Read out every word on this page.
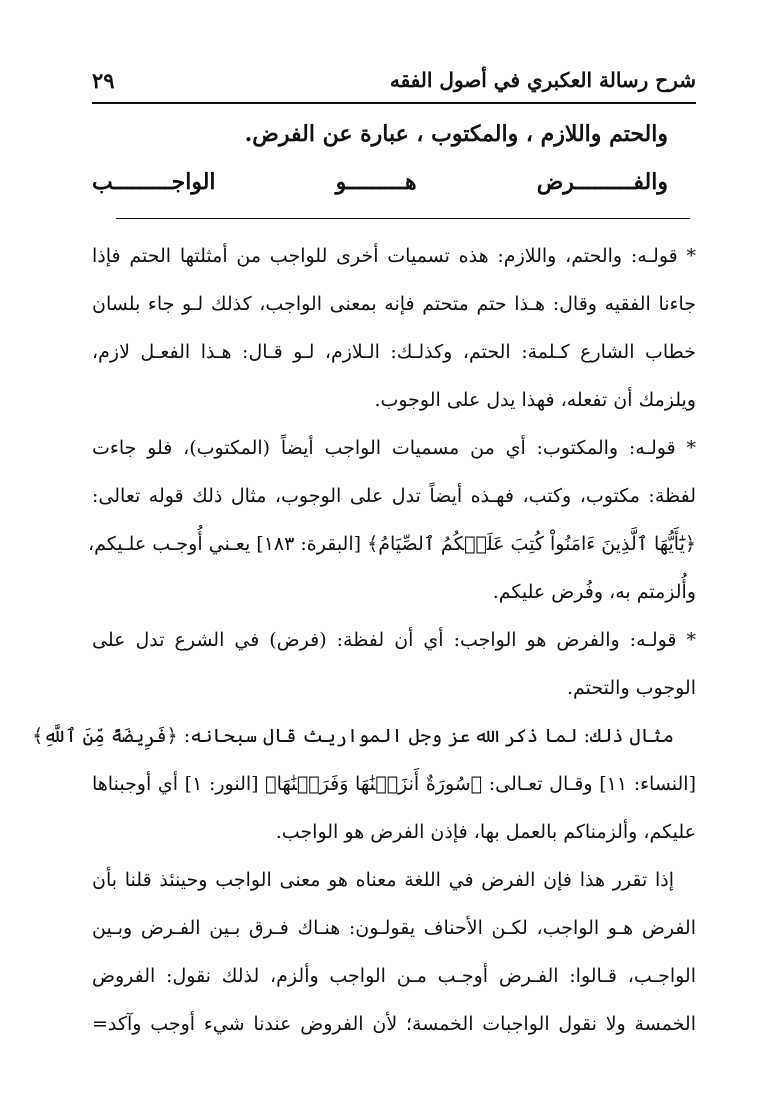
شرح رسالة العكبري في أصول الفقه
٢٩
والحتم واللازم ، والمكتوب ، عبارة عن الفرض.
والفـــــــــرض
هـــــــــو
الواجـــــــــب

* قولـه: والحتم، واللازم: هذه تسميات أخرى للواجب من أمثلتها الحتم فإذا
جاءنا الفقيه وقال: هـذا حتم متحتم فإنه بمعنى الواجب، كذلك لـو جاء بلسان
خطاب الشارع كـلمة: الحتم، وكذلـك: الـلازم، لـو قـال: هـذا الفعـل لازم،
ويلزمك أن تفعله، فهذا يدل على الوجوب.

* قولـه: والمكتوب: أي من مسميات الواجب أيضاً (المكتوب)، فلو جاءت
لفظة: مكتوب، وكتب، فهـذه أيضاً تدل على الوجوب، مثال ذلك قوله تعالى:
﴿يَٰٓأَيُّهَا ٱلَّذِينَ ءَامَنُواْ كُتِبَ عَلَيۡكُمُ ٱلصِّيَامُ﴾ [البقرة: ١٨٣] يعـني أُوجـب علـيكم،
وأُلزمتم به، وفُرض عليكم.

* قولـه: والفرض هو الواجب: أي أن لفظة: (فرض) في الشرع تدل على
الوجوب والتحتم.

مثال ذلك: لما ذكر الله عز وجل المواريث قال سبحانه: ﴿فَرِيضَةً مِّنَ ٱللَّهِ﴾
[النساء: ١١] وقـال تعـالى: ﴿سُورَةٌ أَنزَلۡنَٰهَا وَفَرَضۡنَٰهَا﴾ [النور: ١] أي أوجبناها
عليكم، وألزمناكم بالعمل بها، فإذن الفرض هو الواجب.

إذا تقرر هذا فإن الفرض في اللغة معناه هو معنى الواجب وحينئذ قلنا بأن
الفرض هـو الواجب، لكـن الأحناف يقولـون: هنـاك فـرق بـين الفـرض وبـين
الواجـب، قـالوا: الفـرض أوجـب مـن الواجب وألزم، لذلك نقول: الفروض
الخمسة ولا نقول الواجبات الخمسة؛ لأن الفروض عندنا شيء أوجب وآكد=
